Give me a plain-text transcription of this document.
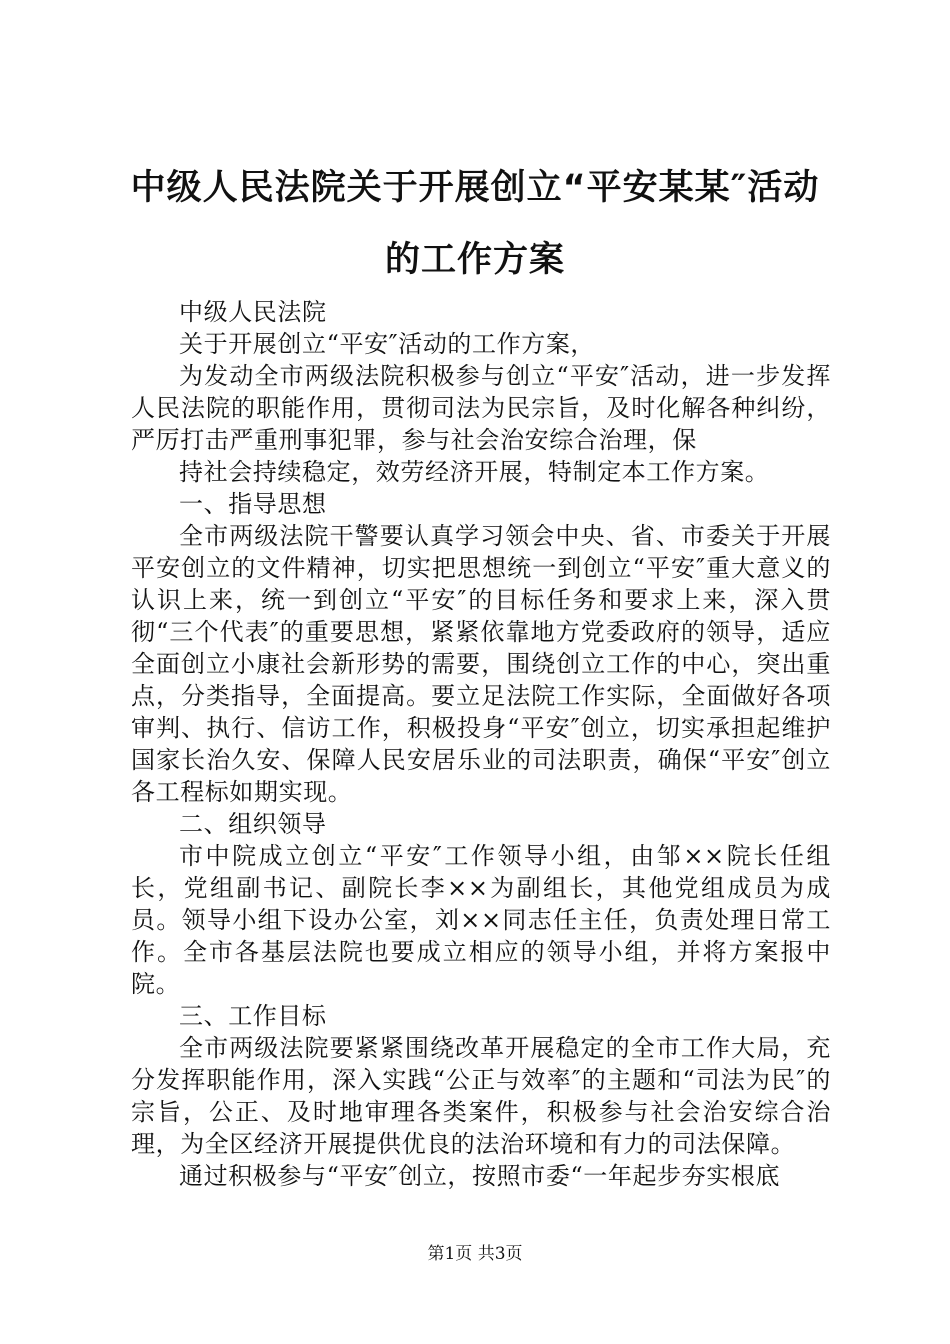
中级人民法院关于开展创立“平安某某″活动
的工作方案

中级人民法院

关于开展创立“平安″活动的工作方案，

为发动全市两级法院积极参与创立“平安″活动，进一步发挥人民法院的职能作用，贯彻司法为民宗旨，及时化解各种纠纷，严厉打击严重刑事犯罪，参与社会治安综合治理，保

持社会持续稳定，效劳经济开展，特制定本工作方案。

一、指导思想

全市两级法院干警要认真学习领会中央、省、市委关于开展平安创立的文件精神，切实把思想统一到创立“平安″重大意义的认识上来，统一到创立“平安″的目标任务和要求上来，深入贯彻“三个代表″的重要思想，紧紧依靠地方党委政府的领导，适应全面创立小康社会新形势的需要，围绕创立工作的中心，突出重点，分类指导，全面提高。要立足法院工作实际，全面做好各项审判、执行、信访工作，积极投身“平安″创立，切实承担起维护国家长治久安、保障人民安居乐业的司法职责，确保“平安″创立各工程标如期实现。

二、组织领导

市中院成立创立“平安″工作领导小组，由邹××院长任组长，党组副书记、副院长李××为副组长，其他党组成员为成员。领导小组下设办公室，刘××同志任主任，负责处理日常工作。全市各基层法院也要成立相应的领导小组，并将方案报中院。

三、工作目标

全市两级法院要紧紧围绕改革开展稳定的全市工作大局，充分发挥职能作用，深入实践“公正与效率″的主题和“司法为民″的宗旨，公正、及时地审理各类案件，积极参与社会治安综合治理，为全区经济开展提供优良的法治环境和有力的司法保障。

通过积极参与“平安″创立，按照市委“一年起步夯实根底

第1页 共3页
